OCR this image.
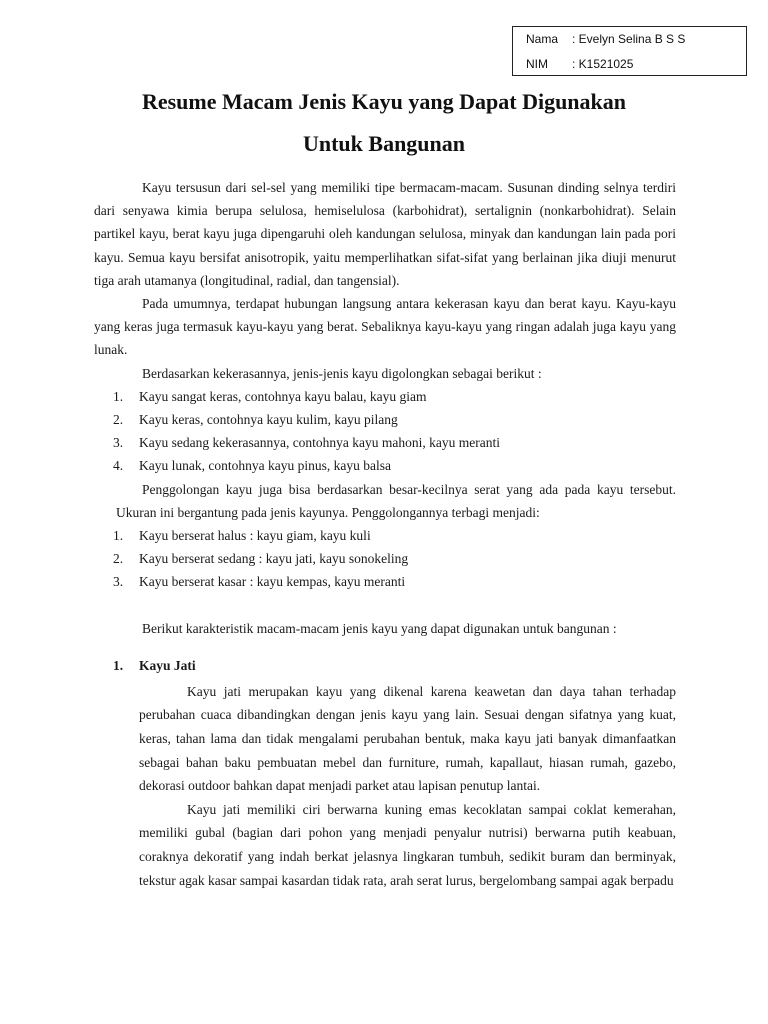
Nama : Evelyn Selina B S S
NIM : K1521025
Resume Macam Jenis Kayu yang Dapat Digunakan
Untuk Bangunan

Kayu tersusun dari sel-sel yang memiliki tipe bermacam-macam. Susunan dinding selnya terdiri dari senyawa kimia berupa selulosa, hemiselulosa (karbohidrat), sertalignin (nonkarbohidrat). Selain partikel kayu, berat kayu juga dipengaruhi oleh kandungan selulosa, minyak dan kandungan lain pada pori kayu. Semua kayu bersifat anisotropik, yaitu memperlihatkan sifat-sifat yang berlainan jika diuji menurut tiga arah utamanya (longitudinal, radial, dan tangensial).

Pada umumnya, terdapat hubungan langsung antara kekerasan kayu dan berat kayu. Kayu-kayu yang keras juga termasuk kayu-kayu yang berat. Sebaliknya kayu-kayu yang ringan adalah juga kayu yang lunak.

Berdasarkan kekerasannya, jenis-jenis kayu digolongkan sebagai berikut :

1. Kayu sangat keras, contohnya kayu balau, kayu giam
2. Kayu keras, contohnya kayu kulim, kayu pilang
3. Kayu sedang kekerasannya, contohnya kayu mahoni, kayu meranti
4. Kayu lunak, contohnya kayu pinus, kayu balsa

Penggolongan kayu juga bisa berdasarkan besar-kecilnya serat yang ada pada kayu tersebut. Ukuran ini bergantung pada jenis kayunya. Penggolongannya terbagi menjadi:

1. Kayu berserat halus : kayu giam, kayu kuli
2. Kayu berserat sedang : kayu jati, kayu sonokeling
3. Kayu berserat kasar : kayu kempas, kayu meranti

Berikut karakteristik macam-macam jenis kayu yang dapat digunakan untuk bangunan :

1. Kayu Jati

Kayu jati merupakan kayu yang dikenal karena keawetan dan daya tahan terhadap perubahan cuaca dibandingkan dengan jenis kayu yang lain. Sesuai dengan sifatnya yang kuat, keras, tahan lama dan tidak mengalami perubahan bentuk, maka kayu jati banyak dimanfaatkan sebagai bahan baku pembuatan mebel dan furniture, rumah, kapallaut, hiasan rumah, gazebo, dekorasi outdoor bahkan dapat menjadi parket atau lapisan penutup lantai.

Kayu jati memiliki ciri berwarna kuning emas kecoklatan sampai coklat kemerahan, memiliki gubal (bagian dari pohon yang menjadi penyalur nutrisi) berwarna putih keabuan, coraknya dekoratif yang indah berkat jelasnya lingkaran tumbuh, sedikit buram dan berminyak, tekstur agak kasar sampai kasardan tidak rata, arah serat lurus, bergelombang sampai agak berpadu
